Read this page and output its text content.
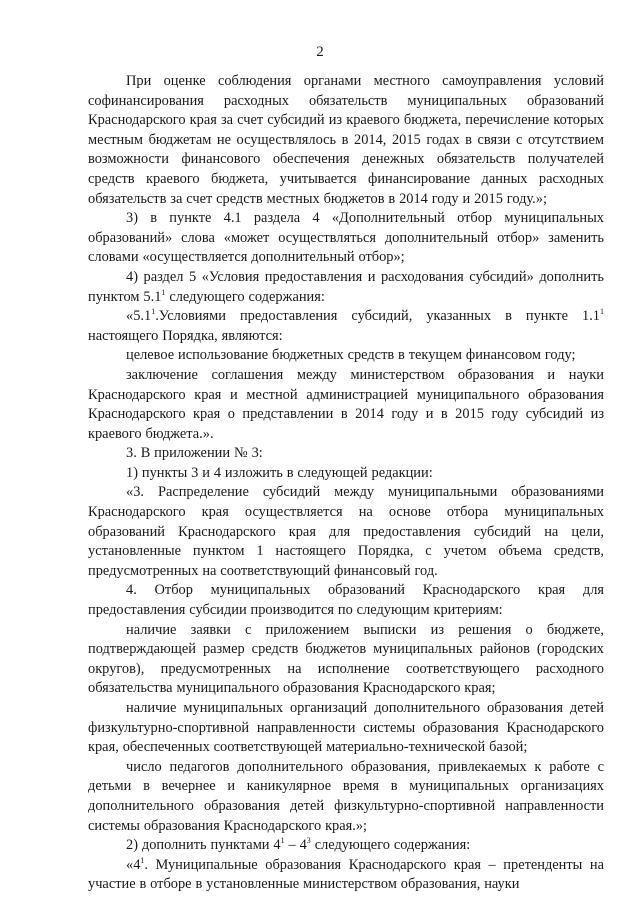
2

При оценке соблюдения органами местного самоуправления условий софинансирования расходных обязательств муниципальных образований Краснодарского края за счет субсидий из краевого бюджета, перечисление которых местным бюджетам не осуществлялось в 2014, 2015 годах в связи с отсутствием возможности финансового обеспечения денежных обязательств получателей средств краевого бюджета, учитывается финансирование данных расходных обязательств за счет средств местных бюджетов в 2014 году и 2015 году.»;

3) в пункте 4.1 раздела 4 «Дополнительный отбор муниципальных образований» слова «может осуществляться дополнительный отбор» заменить словами «осуществляется дополнительный отбор»;

4) раздел 5 «Условия предоставления и расходования субсидий» дополнить пунктом $5.1^1$ следующего содержания:

«$5.1^1.Условиями$ предоставления субсидий, указанных в пункте $1.1^1$ настоящего Порядка, являются:

целевое использование бюджетных средств в текущем финансовом году;

заключение соглашения между министерством образования и науки Краснодарского края и местной администрацией муниципального образования Краснодарского края о представлении в 2014 году и в 2015 году субсидий из краевого бюджета.».

3. В приложении № 3:

1) пункты 3 и 4 изложить в следующей редакции:

«3. Распределение субсидий между муниципальными образованиями Краснодарского края осуществляется на основе отбора муниципальных образований Краснодарского края для предоставления субсидий на цели, установленные пунктом 1 настоящего Порядка, с учетом объема средств, предусмотренных на соответствующий финансовый год.

4. Отбор муниципальных образований Краснодарского края для предоставления субсидии производится по следующим критериям:

наличие заявки с приложением выписки из решения о бюджете, подтверждающей размер средств бюджетов муниципальных районов (городских округов), предусмотренных на исполнение соответствующего расходного обязательства муниципального образования Краснодарского края;

наличие муниципальных организаций дополнительного образования детей физкультурно-спортивной направленности системы образования Краснодарского края, обеспеченных соответствующей материально-технической базой;

число педагогов дополнительного образования, привлекаемых к работе с детьми в вечернее и каникулярное время в муниципальных организациях дополнительного образования детей физкультурно-спортивной направленности системы образования Краснодарского края.»;

2) дополнить пунктами $4^1 - 4^3$ следующего содержания:

«$4^1$. Муниципальные образования Краснодарского края – претенденты на участие в отборе в установленные министерством образования, науки
